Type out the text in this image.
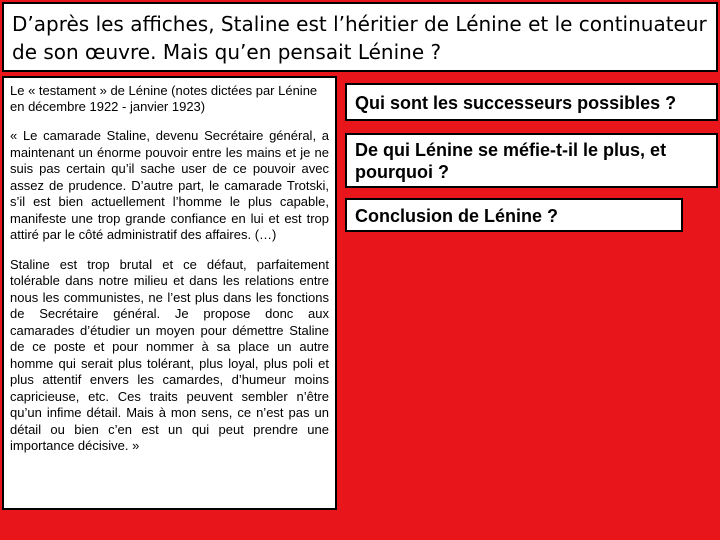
D’après les affiches, Staline est l’héritier de Lénine et le continuateur de son œuvre. Mais qu’en pensait Lénine ?
Le « testament » de Lénine (notes dictées par Lénine en décembre 1922 - janvier 1923)

« Le camarade Staline, devenu Secrétaire général, a maintenant un énorme pouvoir entre les mains et je ne suis pas certain qu’il sache user de ce pouvoir avec assez de prudence. D’autre part, le camarade Trotski, s’il est bien actuellement l’homme le plus capable, manifeste une trop grande confiance en lui et est trop attiré par le côté administratif des affaires. (…)

Staline est trop brutal et ce défaut, parfaitement tolérable dans notre milieu et dans les relations entre nous les communistes, ne l’est plus dans les fonctions de Secrétaire général. Je propose donc aux camarades d’étudier un moyen pour démettre Staline de ce poste et pour nommer à sa place un autre homme qui serait plus tolérant, plus loyal, plus poli et plus attentif envers les camardes, d’humeur moins capricieuse, etc. Ces traits peuvent sembler n’être qu’un infime détail. Mais à mon sens, ce n’est pas un détail ou bien c’en est un qui peut prendre une importance décisive. »

Qui sont les successeurs possibles ?
De qui Lénine se méfie-t-il le plus, et pourquoi ?
Conclusion de Lénine ?
